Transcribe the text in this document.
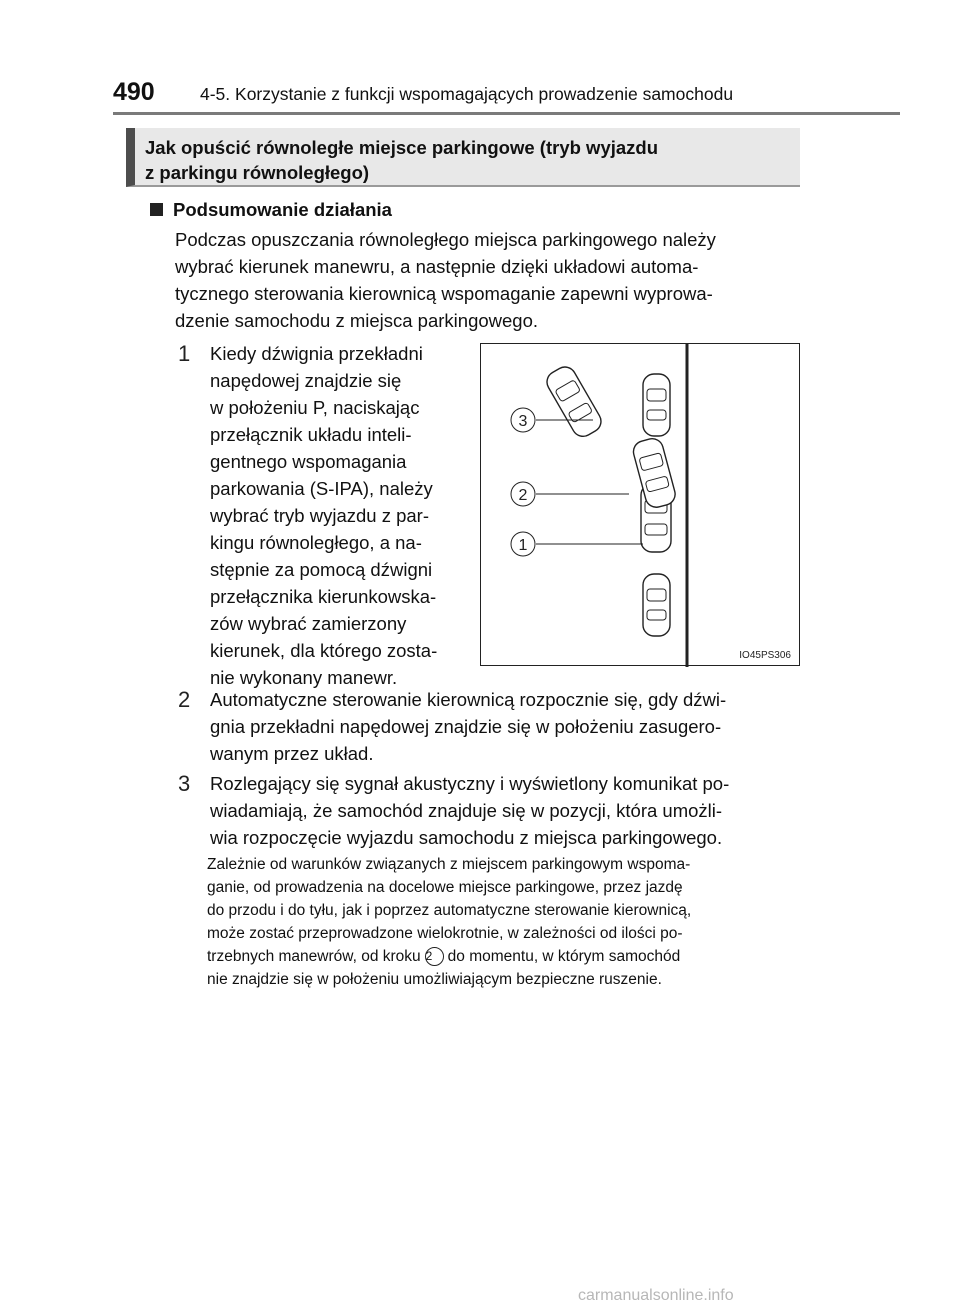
490	4-5. Korzystanie z funkcji wspomagających prowadzenie samochodu
Jak opuścić równoległe miejsce parkingowe (tryb wyjazdu
z parkingu równoległego)
Podsumowanie działania
Podczas opuszczania równoległego miejsca parkingowego należy
wybrać kierunek manewru, a następnie dzięki układowi automa-
tycznego sterowania kierownicą wspomaganie zapewni wyprowa-
dzenie samochodu z miejsca parkingowego.
1 Kiedy dźwignia przekładni
napędowej znajdzie się
w położeniu P, naciskając
przełącznik układu inteli-
gentnego wspomagania
parkowania (S-IPA), należy
wybrać tryb wyjazdu z par-
kingu równoległego, a na-
stępnie za pomocą dźwigni
przełącznika kierunkowska-
zów wybrać zamierzony
kierunek, dla którego zosta-
nie wykonany manewr.
3
2
1
IO45PS306
2 Automatyczne sterowanie kierownicą rozpocznie się, gdy dźwi-
gnia przekładni napędowej znajdzie się w położeniu zasugero-
wanym przez układ.
3 Rozlegający się sygnał akustyczny i wyświetlony komunikat po-
wiadamiają, że samochód znajduje się w pozycji, która umożli-
wia rozpoczęcie wyjazdu samochodu z miejsca parkingowego.
Zależnie od warunków związanych z miejscem parkingowym wspoma-
ganie, od prowadzenia na docelowe miejsce parkingowe, przez jazdę
do przodu i do tyłu, jak i poprzez automatyczne sterowanie kierownicą,
może zostać przeprowadzone wielokrotnie, w zależności od ilości po-
trzebnych manewrów, od kroku 2 do momentu, w którym samochód
nie znajdzie się w położeniu umożliwiającym bezpieczne ruszenie.
carmanualsonline.info
